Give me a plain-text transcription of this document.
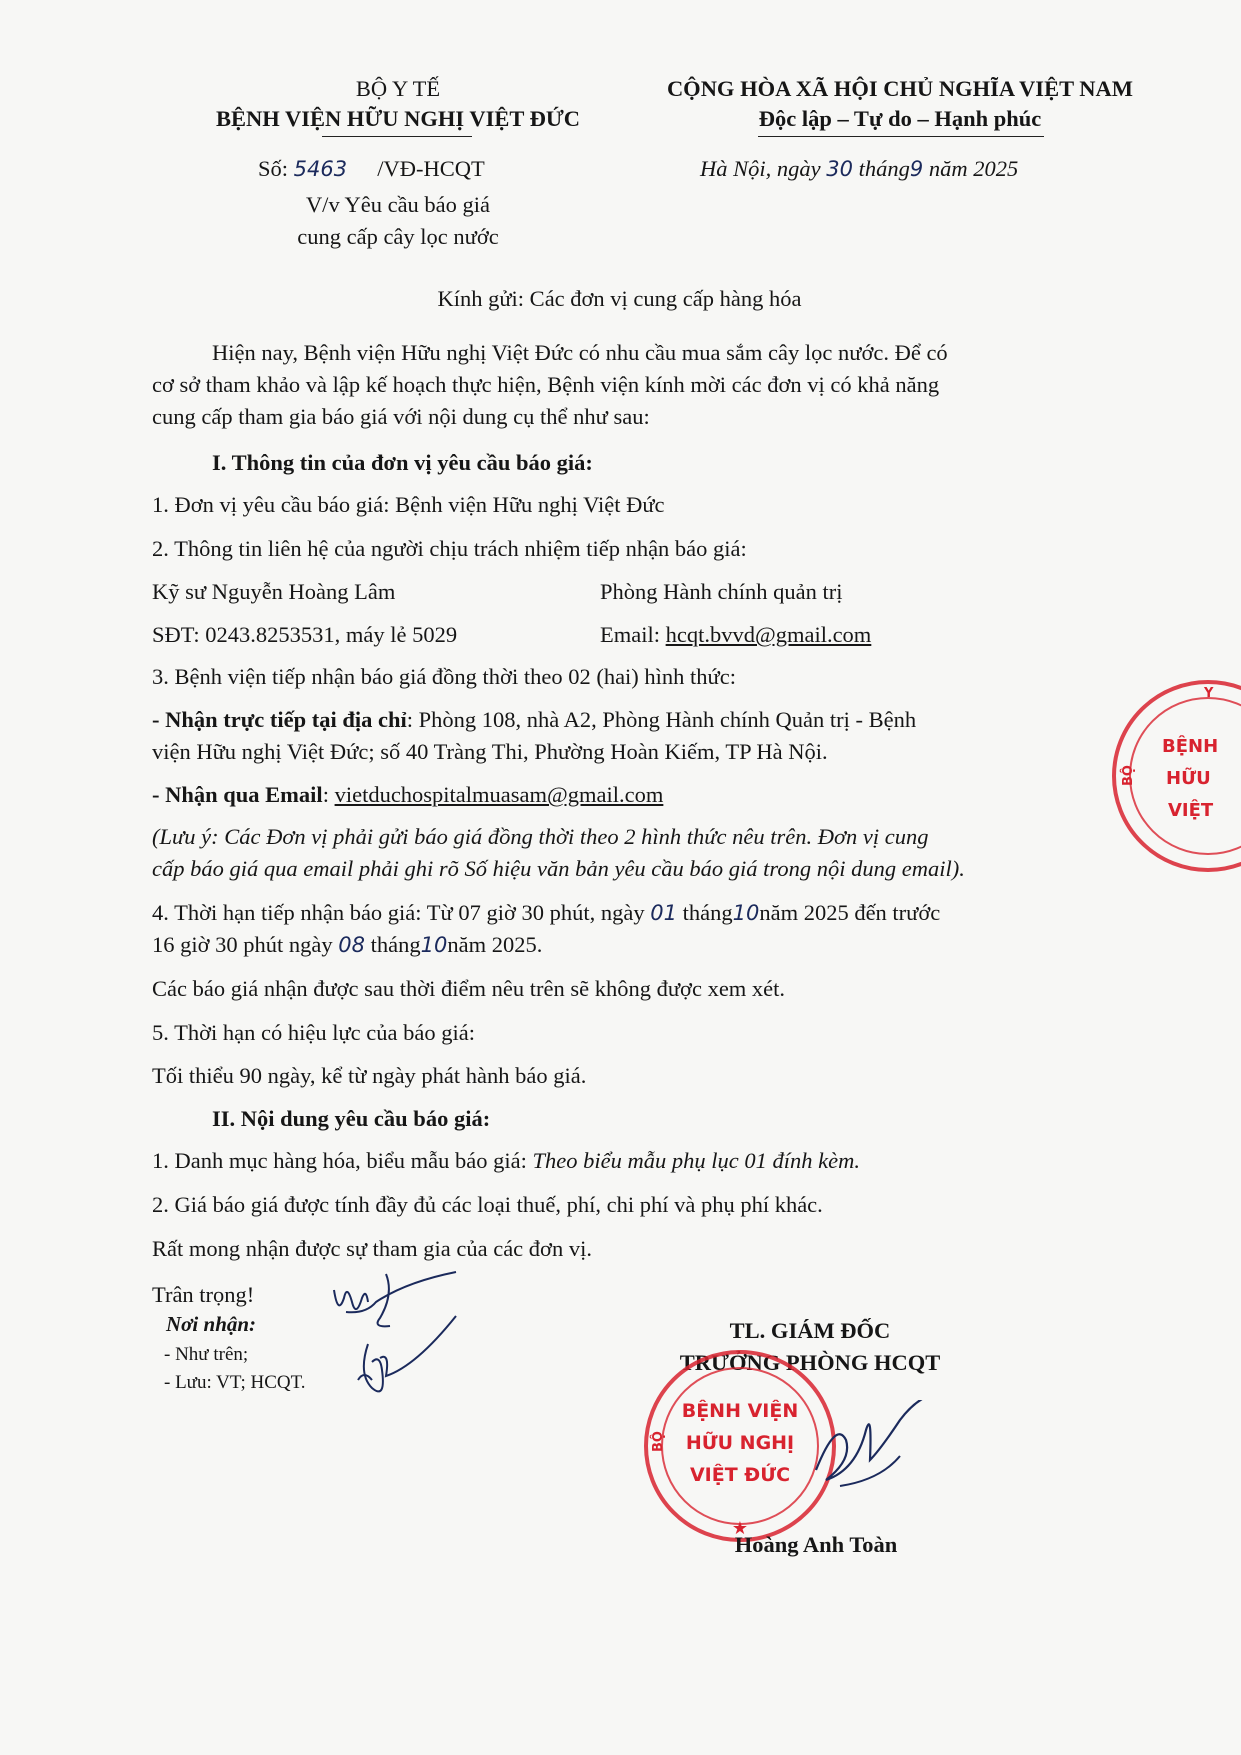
BỘ Y TẾ
BỆNH VIỆN HỮU NGHỊ VIỆT ĐỨC
Số: 5463 /VĐ-HCQT
V/v Yêu cầu báo giá
cung cấp cây lọc nước
CỘNG HÒA XÃ HỘI CHỦ NGHĨA VIỆT NAM
Độc lập – Tự do – Hạnh phúc
Hà Nội, ngày 30 tháng9 năm 2025
Kính gửi: Các đơn vị cung cấp hàng hóa
Hiện nay, Bệnh viện Hữu nghị Việt Đức có nhu cầu mua sắm cây lọc nước. Để có
cơ sở tham khảo và lập kế hoạch thực hiện, Bệnh viện kính mời các đơn vị có khả năng
cung cấp tham gia báo giá với nội dung cụ thể như sau:
I. Thông tin của đơn vị yêu cầu báo giá:
1. Đơn vị yêu cầu báo giá: Bệnh viện Hữu nghị Việt Đức
2. Thông tin liên hệ của người chịu trách nhiệm tiếp nhận báo giá:
Kỹ sư Nguyễn Hoàng Lâm	Phòng Hành chính quản trị
SĐT: 0243.8253531, máy lẻ 5029	Email: hcqt.bvvd@gmail.com
3. Bệnh viện tiếp nhận báo giá đồng thời theo 02 (hai) hình thức:
- Nhận trực tiếp tại địa chỉ: Phòng 108, nhà A2, Phòng Hành chính Quản trị - Bệnh
viện Hữu nghị Việt Đức; số 40 Tràng Thi, Phường Hoàn Kiếm, TP Hà Nội.
- Nhận qua Email: vietduchospitalmuasam@gmail.com
(Lưu ý: Các Đơn vị phải gửi báo giá đồng thời theo 2 hình thức nêu trên. Đơn vị cung
cấp báo giá qua email phải ghi rõ Số hiệu văn bản yêu cầu báo giá trong nội dung email).
4. Thời hạn tiếp nhận báo giá: Từ 07 giờ 30 phút, ngày 01 tháng10năm 2025 đến trước
16 giờ 30 phút ngày 08 tháng10năm 2025.
Các báo giá nhận được sau thời điểm nêu trên sẽ không được xem xét.
5. Thời hạn có hiệu lực của báo giá:
Tối thiểu 90 ngày, kể từ ngày phát hành báo giá.
II. Nội dung yêu cầu báo giá:
1. Danh mục hàng hóa, biểu mẫu báo giá: Theo biểu mẫu phụ lục 01 đính kèm.
2. Giá báo giá được tính đầy đủ các loại thuế, phí, chi phí và phụ phí khác.
Rất mong nhận được sự tham gia của các đơn vị.
Trân trọng!
Nơi nhận:
- Như trên;
- Lưu: VT; HCQT.
TL. GIÁM ĐỐC
TRƯỞNG PHÒNG HCQT
★
BỆNH VIỆN
HỮU NGHỊ
VIỆT ĐỨC
BỘ
Hoàng Anh Toàn
BỆNH
HỮU
VIỆT
Y
BỘ
